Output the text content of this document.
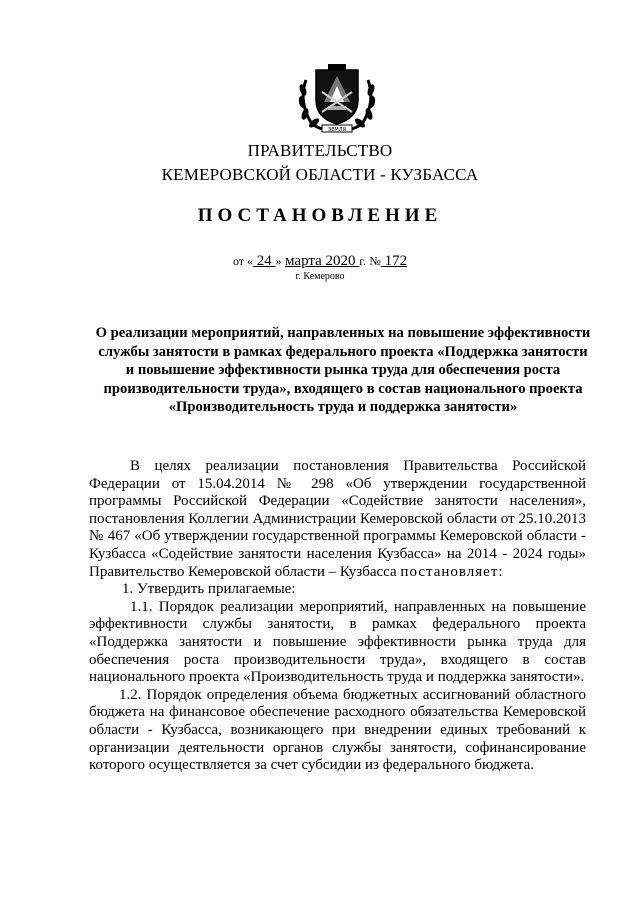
ЗЕМЛЯ
ПРАВИТЕЛЬСТВО
КЕМЕРОВСКОЙ ОБЛАСТИ - КУЗБАССА
ПОСТАНОВЛЕНИЕ
от « 24 » марта 2020 г. № 172
г. Кемерово
О реализации мероприятий, направленных на повышение эффективности службы занятости в рамках федерального проекта «Поддержка занятости и повышение эффективности рынка труда для обеспечения роста производительности труда», входящего в состав национального проекта «Производительность труда и поддержка занятости»

В целях реализации постановления Правительства Российской Федерации от 15.04.2014 № 298 «Об утверждении государственной программы Российской Федерации «Содействие занятости населения», постановления Коллегии Администрации Кемеровской области от 25.10.2013 № 467 «Об утверждении государственной программы Кемеровской области - Кузбасса «Содействие занятости населения Кузбасса» на 2014 - 2024 годы» Правительство Кемеровской области – Кузбасса постановляет:

1. Утвердить прилагаемые:

1.1. Порядок реализации мероприятий, направленных на повышение эффективности службы занятости, в рамках федерального проекта «Поддержка занятости и повышение эффективности рынка труда для обеспечения роста производительности труда», входящего в состав национального проекта «Производительность труда и поддержка занятости».

1.2. Порядок определения объема бюджетных ассигнований областного бюджета на финансовое обеспечение расходного обязательства Кемеровской области - Кузбасса, возникающего при внедрении единых требований к организации деятельности органов службы занятости, софинансирование которого осуществляется за счет субсидии из федерального бюджета.
